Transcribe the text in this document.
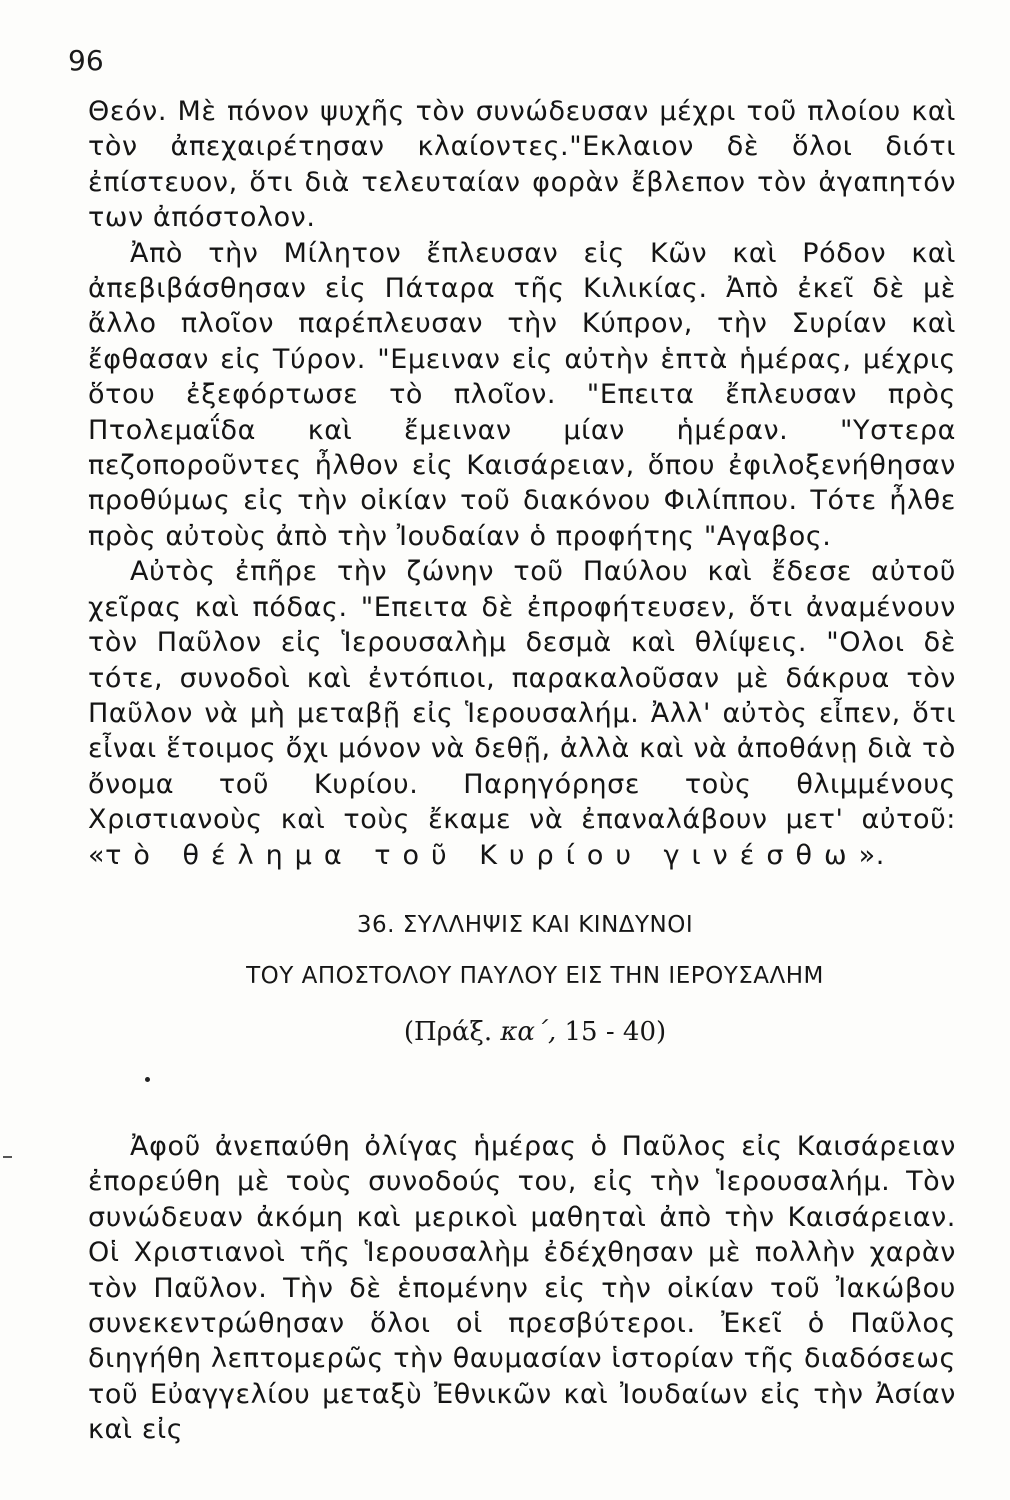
96

Θεόν. Μὲ πόνον ψυχῆς τὸν συνώδευσαν μέχρι τοῦ πλοίου καὶ τὸν ἀπεχαιρέτησαν κλαίοντες."Εκλαιον δὲ ὅλοι διότι ἐπίστευον, ὅτι διὰ τελευταίαν φορὰν ἔβλεπον τὸν ἀγαπητόν των ἀπόστολον.

Ἀπὸ τὴν Μίλητον ἔπλευσαν εἰς Κῶν καὶ Ρόδον καὶ ἀπεβιβάσθησαν εἰς Πάταρα τῆς Κιλικίας. Ἀπὸ ἐκεῖ δὲ μὲ ἄλλο πλοῖον παρέπλευσαν τὴν Κύπρον, τὴν Συρίαν καὶ ἔφθασαν εἰς Τύρον. "Εμειναν εἰς αὐτὴν ἑπτὰ ἡμέρας, μέχρις ὅτου ἐξεφόρτωσε τὸ πλοῖον. "Επειτα ἔπλευσαν πρὸς Πτολεμαΐδα καὶ ἔμειναν μίαν ἡμέραν. "Υστερα πεζοποροῦντες ἦλθον εἰς Καισάρειαν, ὅπου ἐφιλοξενήθησαν προθύμως εἰς τὴν οἰκίαν τοῦ διακόνου Φιλίππου. Τότε ἦλθε πρὸς αὐτοὺς ἀπὸ τὴν Ἰουδαίαν ὁ προφήτης "Αγαβος.

Αὐτὸς ἐπῆρε τὴν ζώνην τοῦ Παύλου καὶ ἔδεσε αὐτοῦ χεῖρας καὶ πόδας. "Επειτα δὲ ἐπροφήτευσεν, ὅτι ἀναμένουν τὸν Παῦλον εἰς Ἱερουσαλὴμ δεσμὰ καὶ θλίψεις. "Ολοι δὲ τότε, συνοδοὶ καὶ ἐντόπιοι, παρακαλοῦσαν μὲ δάκρυα τὸν Παῦλον νὰ μὴ μεταβῇ εἰς Ἱερουσαλήμ. Ἀλλ' αὐτὸς εἶπεν, ὅτι εἶναι ἕτοιμος ὄχι μόνον νὰ δεθῇ, ἀλλὰ καὶ νὰ ἀποθάνῃ διὰ τὸ ὄνομα τοῦ Κυρίου. Παρηγόρησε τοὺς θλιμμένους Χριστιανοὺς καὶ τοὺς ἔκαμε νὰ ἐπαναλάβουν μετ' αὐτοῦ: «τὸ θέλημα τοῦ Κυρίου γινέσθω».

36. ΣΥΛΛΗΨΙΣ ΚΑΙ ΚΙΝΔΥΝΟΙ
ΤΟΥ ΑΠΟΣΤΟΛΟΥ ΠΑΥΛΟΥ ΕΙΣ ΤΗΝ ΙΕΡΟΥΣΑΛΗΜ
(Πράξ. κα΄, 15 - 40)

Ἀφοῦ ἀνεπαύθη ὀλίγας ἡμέρας ὁ Παῦλος εἰς Καισάρειαν ἐπορεύθη μὲ τοὺς συνοδούς του, εἰς τὴν Ἱερουσαλήμ. Τὸν συνώδευαν ἀκόμη καὶ μερικοὶ μαθηταὶ ἀπὸ τὴν Καισάρειαν. Οἱ Χριστιανοὶ τῆς Ἱερουσαλὴμ ἐδέχθησαν μὲ πολλὴν χαρὰν τὸν Παῦλον. Τὴν δὲ ἑπομένην εἰς τὴν οἰκίαν τοῦ Ἰακώβου συνεκεντρώθησαν ὅλοι οἱ πρεσβύτεροι. Ἐκεῖ ὁ Παῦλος διηγήθη λεπτομερῶς τὴν θαυμασίαν ἱστορίαν τῆς διαδόσεως τοῦ Εὐαγγελίου μεταξὺ Ἐθνικῶν καὶ Ἰουδαίων εἰς τὴν Ἀσίαν καὶ εἰς
